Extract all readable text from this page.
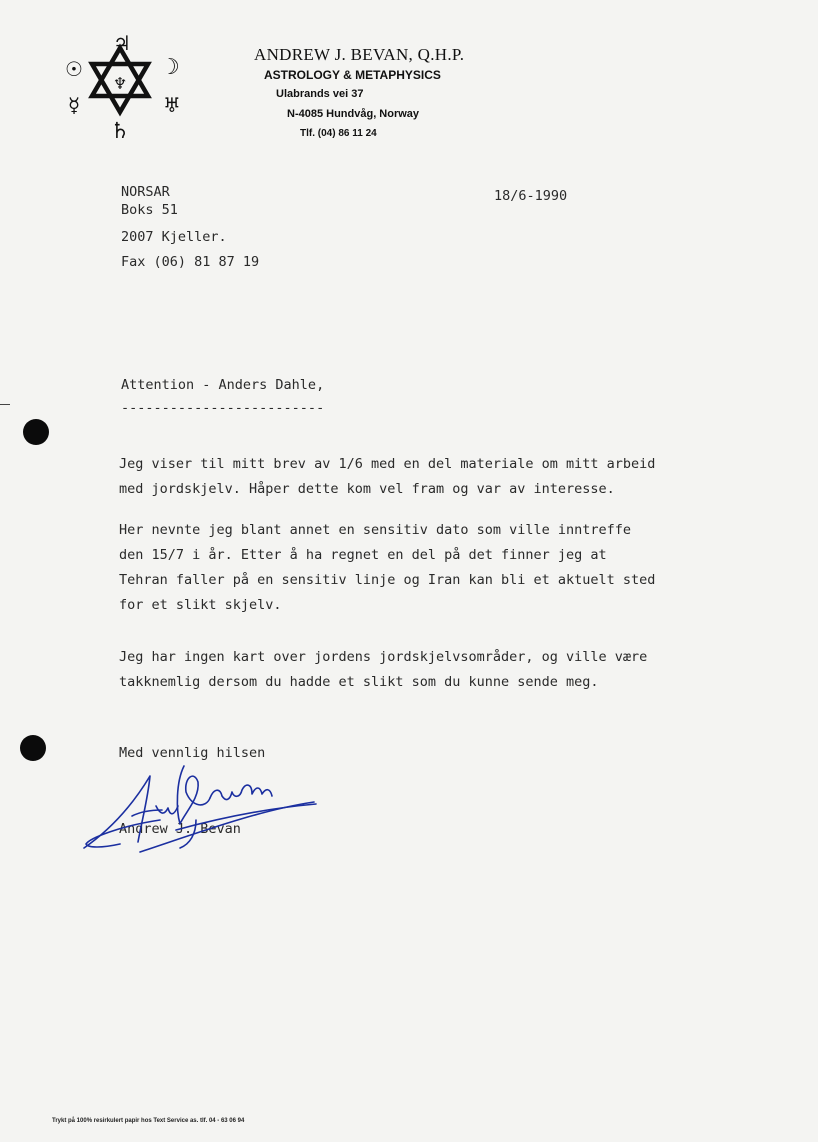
♃
☉	☽
☿	♅
♄
♆
ANDREW J. BEVAN, Q.H.P.
ASTROLOGY & METAPHYSICS
Ulabrands vei 37
N-4085 Hundvåg, Norway
Tlf. (04) 86 11 24
NORSAR
Boks 51
2007 Kjeller.
Fax (06) 81 87 19
18/6-1990
Attention - Anders Dahle,
-------------------------
Jeg viser til mitt brev av 1/6 med en del materiale om mitt arbeid
med jordskjelv. Håper dette kom vel fram og var av interesse.
Her nevnte jeg blant annet en sensitiv dato som ville inntreffe
den 15/7 i år. Etter å ha regnet en del på det finner jeg at
Tehran faller på en sensitiv linje og Iran kan bli et aktuelt sted
for et slikt skjelv.
Jeg har ingen kart over jordens jordskjelvsområder, og ville være
takknemlig dersom du hadde et slikt som du kunne sende meg.
Med vennlig hilsen
Andrew J. Bevan
Trykt på 100% resirkulert papir hos Text Service as. tlf. 04 - 63 06 94
